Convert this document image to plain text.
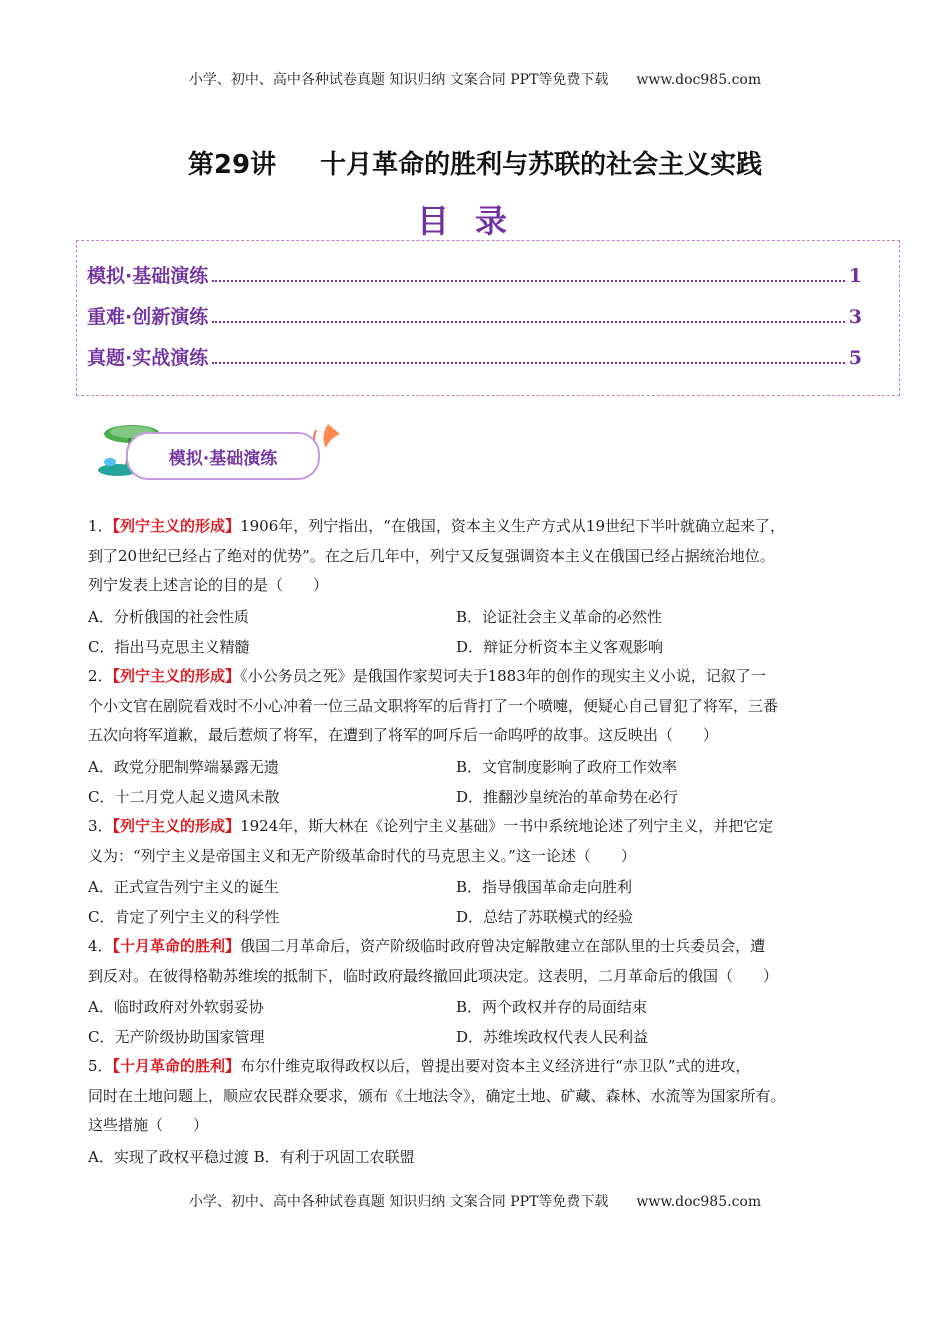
小学、初中、高中各种试卷真题 知识归纳 文案合同 PPT等免费下载 www.doc985.com
第29讲 十月革命的胜利与苏联的社会主义实践
目录
模拟·基础演练	1
重难·创新演练	3
真题·实战演练	5
模拟·基础演练
1．【列宁主义的形成】1906年，列宁指出，“在俄国，资本主义生产方式从19世纪下半叶就确立起来了，
到了20世纪已经占了绝对的优势”。在之后几年中，列宁又反复强调资本主义在俄国已经占据统治地位。
列宁发表上述言论的目的是（　　）
A．分析俄国的社会性质	B．论证社会主义革命的必然性
C．指出马克思主义精髓	D．辩证分析资本主义客观影响
2．【列宁主义的形成】《小公务员之死》是俄国作家契诃夫于1883年的创作的现实主义小说，记叙了一
个小文官在剧院看戏时不小心冲着一位三品文职将军的后背打了一个喷嚏，便疑心自己冒犯了将军，三番
五次向将军道歉，最后惹烦了将军，在遭到了将军的呵斥后一命呜呼的故事。这反映出（　　）
A．政党分肥制弊端暴露无遗	B．文官制度影响了政府工作效率
C．十二月党人起义遗风未散	D．推翻沙皇统治的革命势在必行
3．【列宁主义的形成】1924年，斯大林在《论列宁主义基础》一书中系统地论述了列宁主义，并把它定
义为：“列宁主义是帝国主义和无产阶级革命时代的马克思主义。”这一论述（　　）
A．正式宣告列宁主义的诞生	B．指导俄国革命走向胜利
C．肯定了列宁主义的科学性	D．总结了苏联模式的经验
4．【十月革命的胜利】俄国二月革命后，资产阶级临时政府曾决定解散建立在部队里的士兵委员会，遭
到反对。在彼得格勒苏维埃的抵制下，临时政府最终撤回此项决定。这表明，二月革命后的俄国（　　）
A．临时政府对外软弱妥协	B．两个政权并存的局面结束
C．无产阶级协助国家管理	D．苏维埃政权代表人民利益
5．【十月革命的胜利】布尔什维克取得政权以后，曾提出要对资本主义经济进行“赤卫队”式的进攻，
同时在土地问题上，顺应农民群众要求，颁布《土地法令》，确定土地、矿藏、森林、水流等为国家所有。
这些措施（　　）
A．实现了政权平稳过渡 B．有利于巩固工农联盟
小学、初中、高中各种试卷真题 知识归纳 文案合同 PPT等免费下载 www.doc985.com
